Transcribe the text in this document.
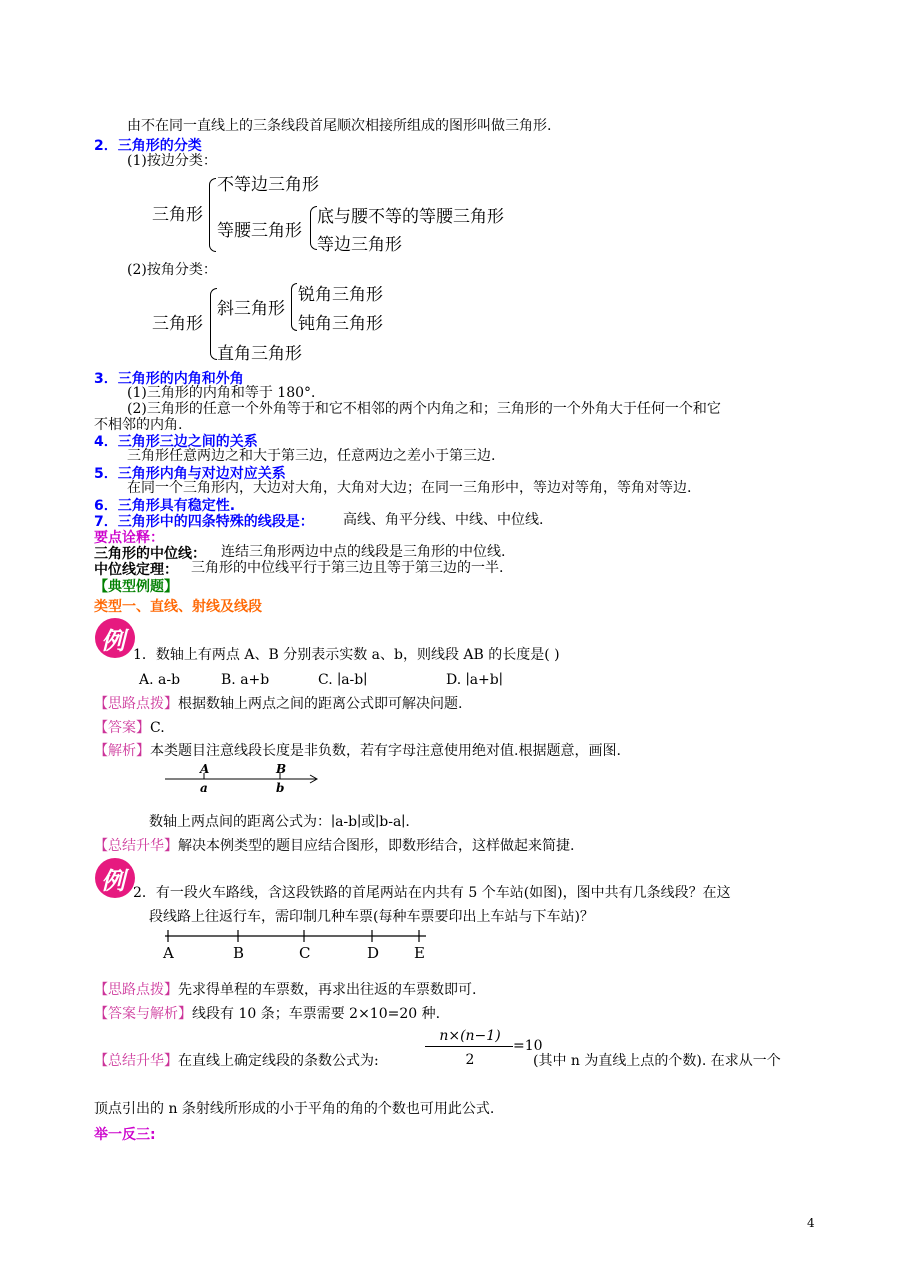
由不在同一直线上的三条线段首尾顺次相接所组成的图形叫做三角形.
2．三角形的分类
(1)按边分类：
三角形
不等边三角形
等腰三角形
底与腰不等的等腰三角形
等边三角形
(2)按角分类：
三角形
斜三角形
直角三角形
锐角三角形
钝角三角形
3．三角形的内角和外角
(1)三角形的内角和等于 180°．
(2)三角形的任意一个外角等于和它不相邻的两个内角之和；三角形的一个外角大于任何一个和它
不相邻的内角.
4．三角形三边之间的关系
三角形任意两边之和大于第三边，任意两边之差小于第三边.
5．三角形内角与对边对应关系
在同一个三角形内，大边对大角，大角对大边；在同一三角形中，等边对等角，等角对等边.
6．三角形具有稳定性.
7．三角形中的四条特殊的线段是： 高线、角平分线、中线、中位线.
要点诠释：
三角形的中位线： 连结三角形两边中点的线段是三角形的中位线.
中位线定理： 三角形的中位线平行于第三边且等于第三边的一半.
【典型例题】
类型一、直线、射线及线段
例 1．数轴上有两点 A、B 分别表示实数 a、b，则线段 AB 的长度是( )
A. a-b	B. a+b	C. ∣a-b∣	D. ∣a+b∣
【思路点拨】根据数轴上两点之间的距离公式即可解决问题.
【答案】C.
【解析】本类题目注意线段长度是非负数，若有字母注意使用绝对值.根据题意，画图.
A
a
B
b
数轴上两点间的距离公式为：∣a-b∣或∣b-a∣.
【总结升华】解决本例类型的题目应结合图形，即数形结合，这样做起来简捷.
例 2．有一段火车路线，含这段铁路的首尾两站在内共有 5 个车站(如图)，图中共有几条线段？在这
段线路上往返行车，需印制几种车票(每种车票要印出上车站与下车站)？
A	B	C	D E
【思路点拨】先求得单程的车票数，再求出往返的车票数即可.
【答案与解析】线段有 10 条；车票需要 2×10=20 种.
【总结升华】在直线上确定线段的条数公式为:
n×(n−1)
2
=10
(其中 n 为直线上点的个数). 在求从一个
顶点引出的 n 条射线所形成的小于平角的角的个数也可用此公式.
举一反三:
4
